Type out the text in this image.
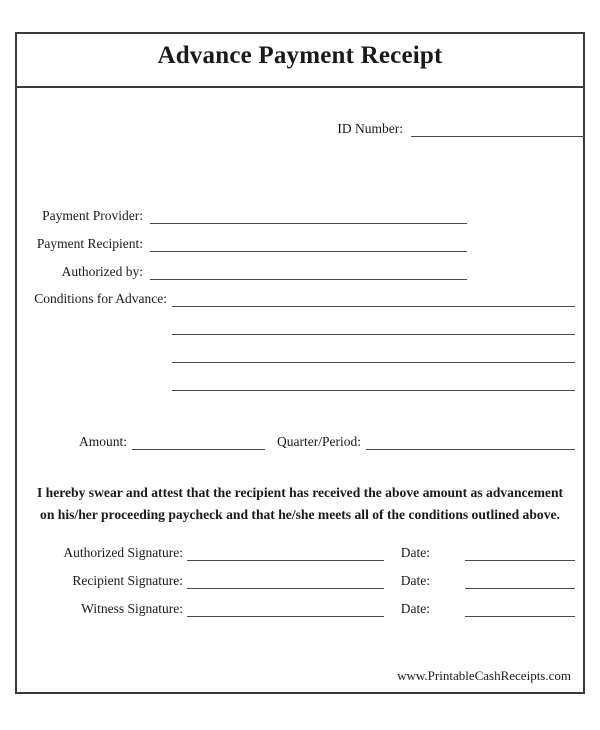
Advance Payment Receipt
ID Number:
Payment Provider:
Payment Recipient:
Authorized by:
Conditions for Advance:
Amount:	Quarter/Period:
I hereby swear and attest that the recipient has received the above amount as advancement on his/her proceeding paycheck and that he/she meets all of the conditions outlined above.
Authorized Signature:	Date:
Recipient Signature:	Date:
Witness Signature:	Date:
www.PrintableCashReceipts.com
